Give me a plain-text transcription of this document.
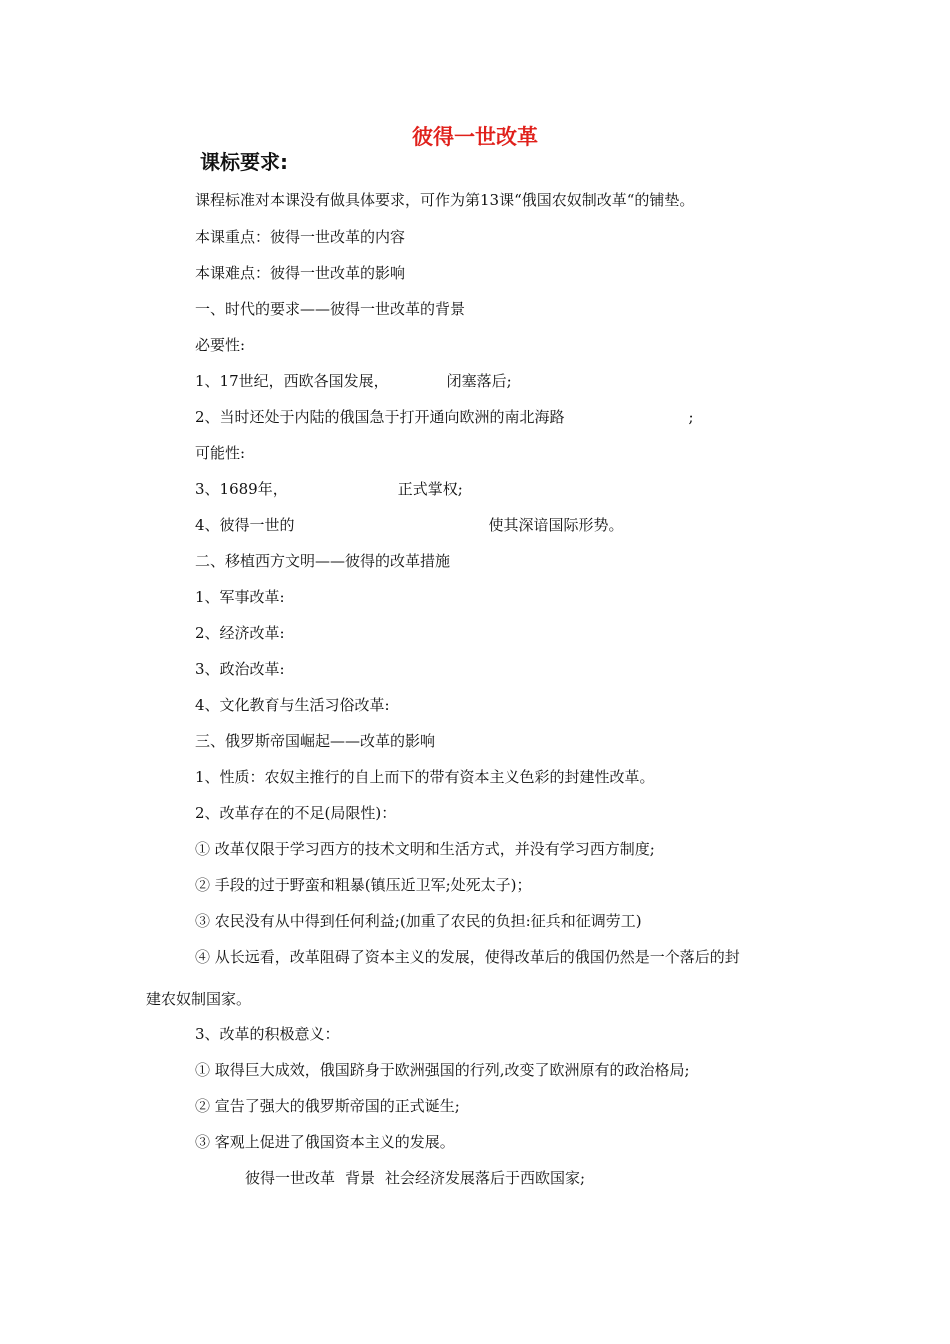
彼得一世改革
课标要求:
课程标准对本课没有做具体要求，可作为第13课“俄国农奴制改革“的铺垫。
本课重点：彼得一世改革的内容
本课难点：彼得一世改革的影响
一、时代的要求——彼得一世改革的背景
必要性:
1、17世纪，西欧各国发展，	闭塞落后;
2、当时还处于内陆的俄国急于打开通向欧洲的南北海路	;
可能性:
3、1689年，	正式掌权;
4、彼得一世的	使其深谙国际形势。
二、移植西方文明——彼得的改革措施
1、军事改革:
2、经济改革:
3、政治改革:
4、文化教育与生活习俗改革:
三、俄罗斯帝国崛起——改革的影响
1、性质：农奴主推行的自上而下的带有资本主义色彩的封建性改革。
2、改革存在的不足(局限性)：
① 改革仅限于学习西方的技术文明和生活方式，并没有学习西方制度;
② 手段的过于野蛮和粗暴(镇压近卫军;处死太子)；
③ 农民没有从中得到任何利益;(加重了农民的负担:征兵和征调劳工)
④ 从长远看，改革阻碍了资本主义的发展，使得改革后的俄国仍然是一个落后的封
建农奴制国家。
3、改革的积极意义：
① 取得巨大成效，俄国跻身于欧洲强国的行列,改变了欧洲原有的政治格局;
② 宣告了强大的俄罗斯帝国的正式诞生;
③ 客观上促进了俄国资本主义的发展。
彼得一世改革 背景 社会经济发展落后于西欧国家;
